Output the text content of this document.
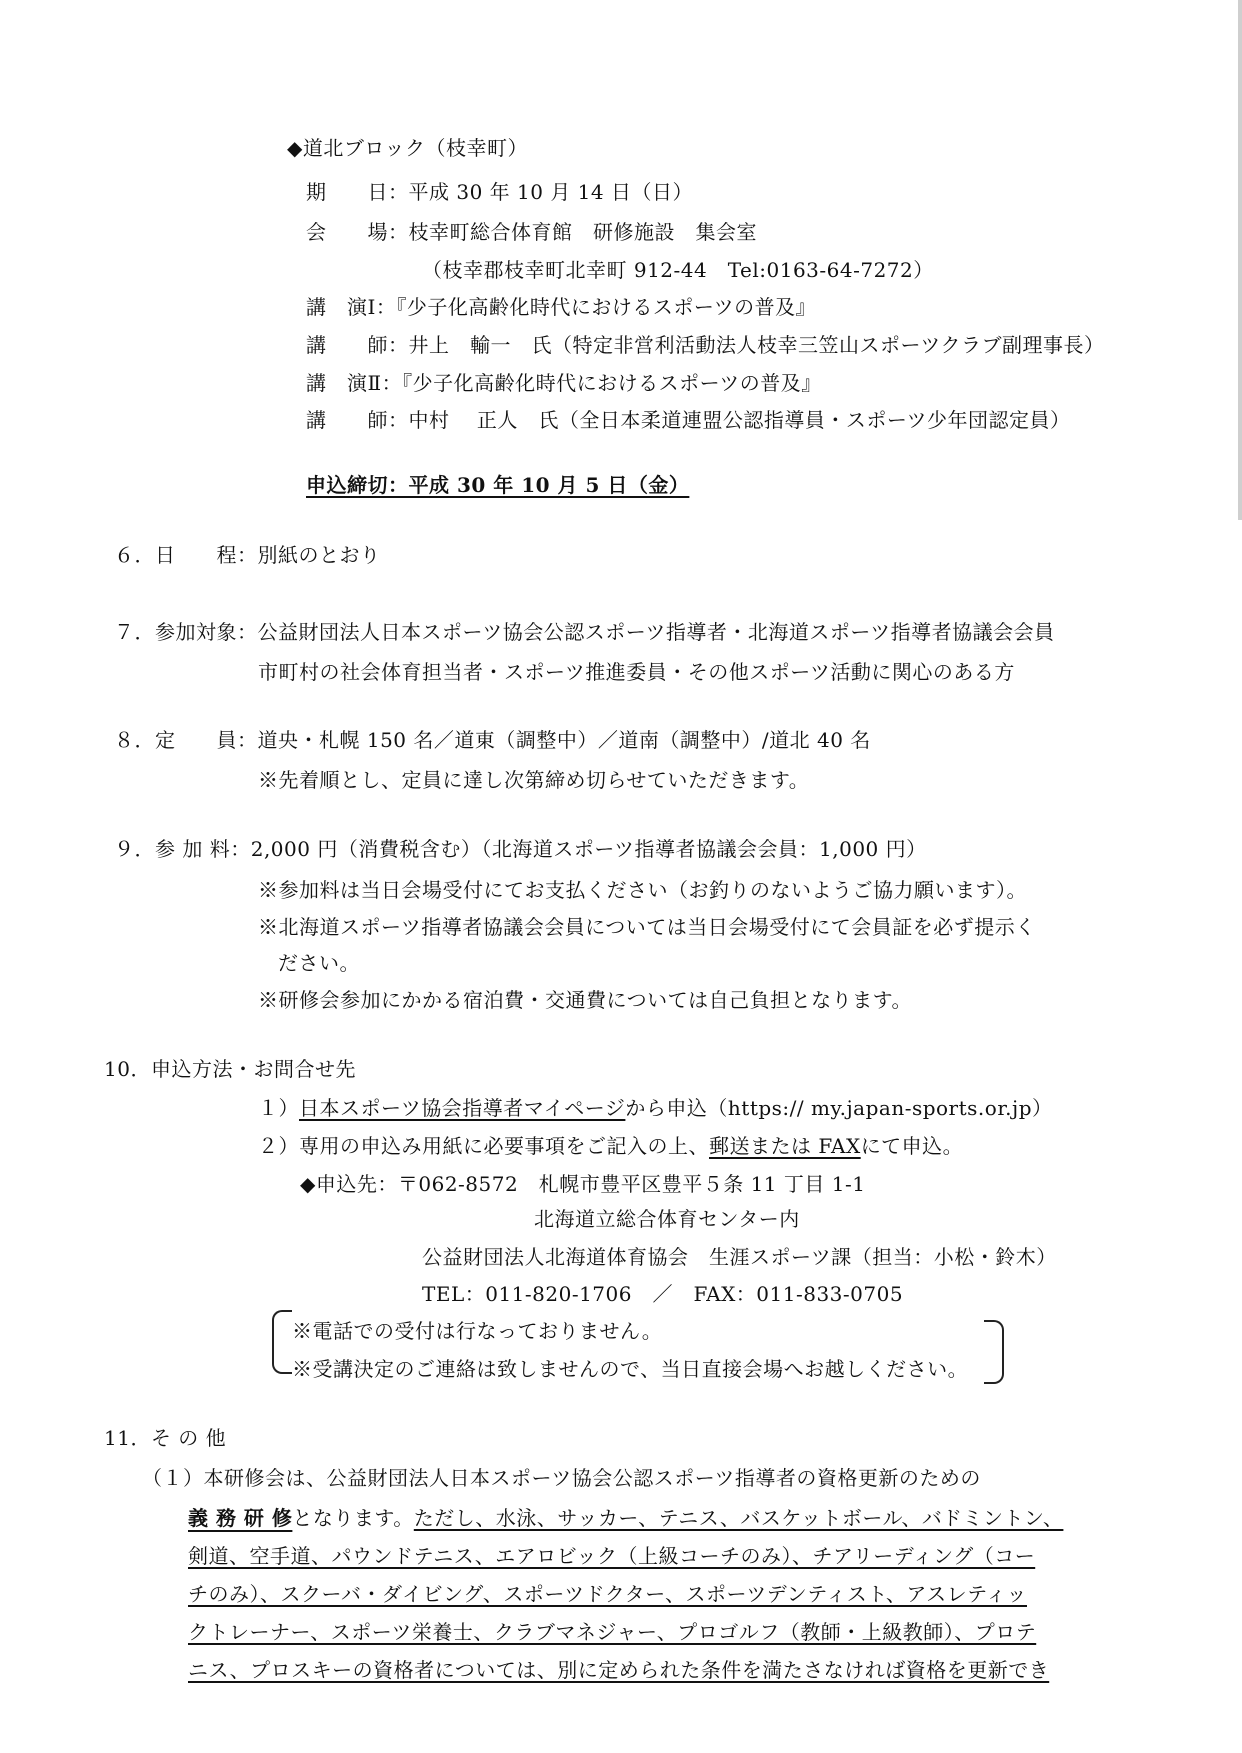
◆道北ブロック（枝幸町）
期　　日：平成 30 年 10 月 14 日（日）
会　　場：枝幸町総合体育館　研修施設　集会室
（枝幸郡枝幸町北幸町 912-44　Tel:0163-64-7272）
講　演Ⅰ：『少子化高齢化時代におけるスポーツの普及』
講　　師：井上　輸一　氏（特定非営利活動法人枝幸三笠山スポーツクラブ副理事長）
講　演Ⅱ：『少子化高齢化時代におけるスポーツの普及』
講　　師：中村　 正人　氏（全日本柔道連盟公認指導員・スポーツ少年団認定員）
申込締切：平成 30 年 10 月 5 日（金）
６．日　　程：別紙のとおり
７．参加対象：公益財団法人日本スポーツ協会公認スポーツ指導者・北海道スポーツ指導者協議会会員
市町村の社会体育担当者・スポーツ推進委員・その他スポーツ活動に関心のある方
８．定　　員：道央・札幌 150 名／道東（調整中）／道南（調整中）/道北 40 名
※先着順とし、定員に達し次第締め切らせていただきます。
９．参 加 料：2,000 円（消費税含む）（北海道スポーツ指導者協議会会員：1,000 円）
※参加料は当日会場受付にてお支払ください（お釣りのないようご協力願います）。
※北海道スポーツ指導者協議会会員については当日会場受付にて会員証を必ず提示く
ださい。
※研修会参加にかかる宿泊費・交通費については自己負担となります。
10．申込方法・お問合せ先
１）日本スポーツ協会指導者マイページから申込（https:// my.japan-sports.or.jp）
２）専用の申込み用紙に必要事項をご記入の上、郵送または FAXにて申込。
◆申込先：〒062-8572　札幌市豊平区豊平５条 11 丁目 1-1
北海道立総合体育センター内
公益財団法人北海道体育協会　生涯スポーツ課（担当：小松・鈴木）
TEL：011-820-1706　／　FAX：011-833-0705
※電話での受付は行なっておりません。
※受講決定のご連絡は致しませんので、当日直接会場へお越しください。
11．そ の 他
（１）本研修会は、公益財団法人日本スポーツ協会公認スポーツ指導者の資格更新のための
義 務 研 修となります。ただし、水泳、サッカー、テニス、バスケットボール、バドミントン、
剣道、空手道、パウンドテニス、エアロビック（上級コーチのみ）、チアリーディング（コー
チのみ）、スクーバ・ダイビング、スポーツドクター、スポーツデンティスト、アスレティッ
クトレーナー、スポーツ栄養士、クラブマネジャー、プロゴルフ（教師・上級教師）、プロテ
ニス、プロスキーの資格者については、別に定められた条件を満たさなければ資格を更新でき
